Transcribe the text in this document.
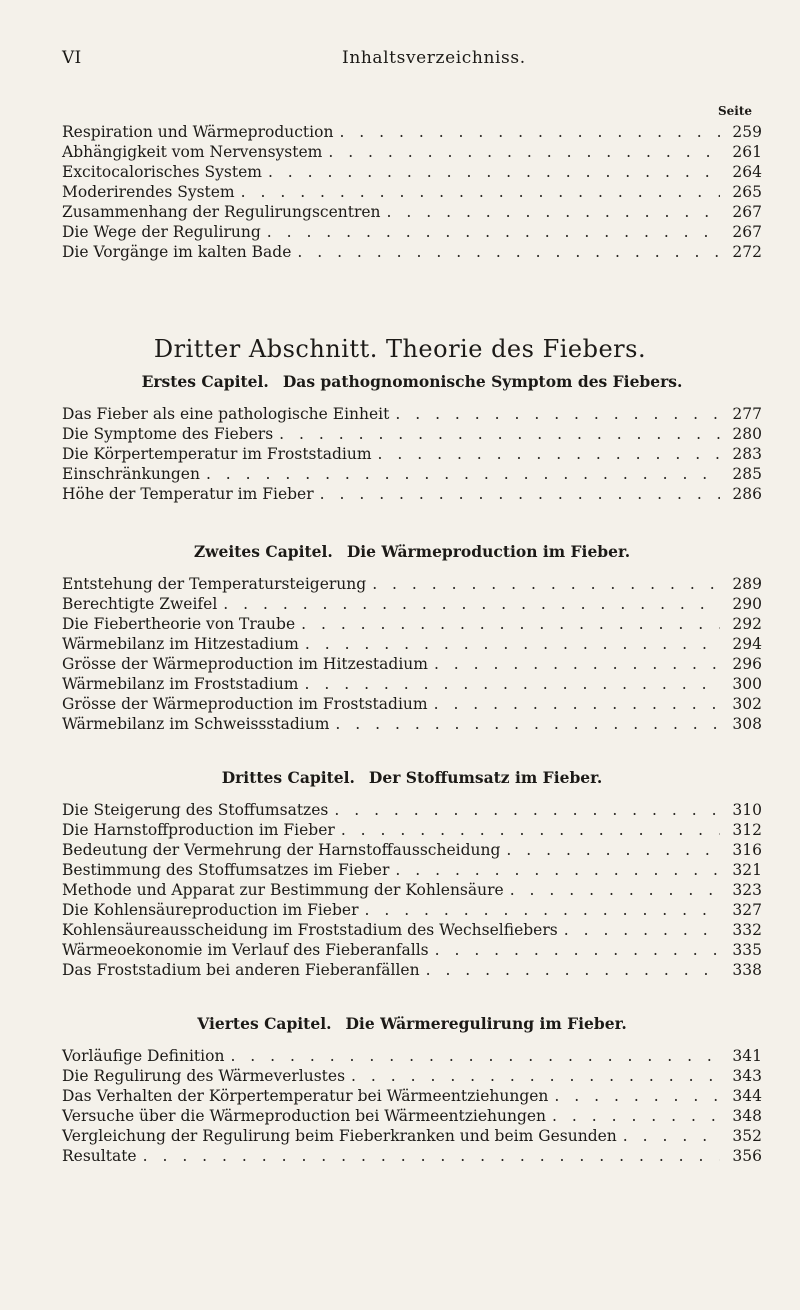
VI	Inhaltsverzeichniss.
Seite
Respiration und Wärmeproduction . . .	259
Abhängigkeit vom Nervensystem . . .	261
Excitocalorisches System . . .	264
Moderirendes System . . .	265
Zusammenhang der Regulirungscentren . . .	267
Die Wege der Regulirung . . .	267
Die Vorgänge im kalten Bade . . .	272
Dritter Abschnitt. Theorie des Fiebers.
Erstes Capitel. Das pathognomonische Symptom des Fiebers.
Das Fieber als eine pathologische Einheit . . .	277
Die Symptome des Fiebers . . .	280
Die Körpertemperatur im Froststadium . . .	283
Einschränkungen . . .	285
Höhe der Temperatur im Fieber . . .	286
Zweites Capitel. Die Wärmeproduction im Fieber.
Entstehung der Temperatursteigerung . . .	289
Berechtigte Zweifel . . .	290
Die Fiebertheorie von Traube . . .	292
Wärmebilanz im Hitzestadium . . .	294
Grösse der Wärmeproduction im Hitzestadium . . .	296
Wärmebilanz im Froststadium . . .	300
Grösse der Wärmeproduction im Froststadium . . .	302
Wärmebilanz im Schweissstadium . . .	308
Drittes Capitel. Der Stoffumsatz im Fieber.
Die Steigerung des Stoffumsatzes . . .	310
Die Harnstoffproduction im Fieber . . .	312
Bedeutung der Vermehrung der Harnstoffausscheidung . . .	316
Bestimmung des Stoffumsatzes im Fieber . . .	321
Methode und Apparat zur Bestimmung der Kohlensäure . . .	323
Die Kohlensäureproduction im Fieber . . .	327
Kohlensäureausscheidung im Froststadium des Wechselfiebers . . .	332
Wärmeoekonomie im Verlauf des Fieberanfalls . . .	335
Das Froststadium bei anderen Fieberanfällen . . .	338
Viertes Capitel. Die Wärmeregulirung im Fieber.
Vorläufige Definition . . .	341
Die Regulirung des Wärmeverlustes . . .	343
Das Verhalten der Körpertemperatur bei Wärmeentziehungen . . .	344
Versuche über die Wärmeproduction bei Wärmeentziehungen . . .	348
Vergleichung der Regulirung beim Fieberkranken und beim Gesunden . . .	352
Resultate . . .	356
